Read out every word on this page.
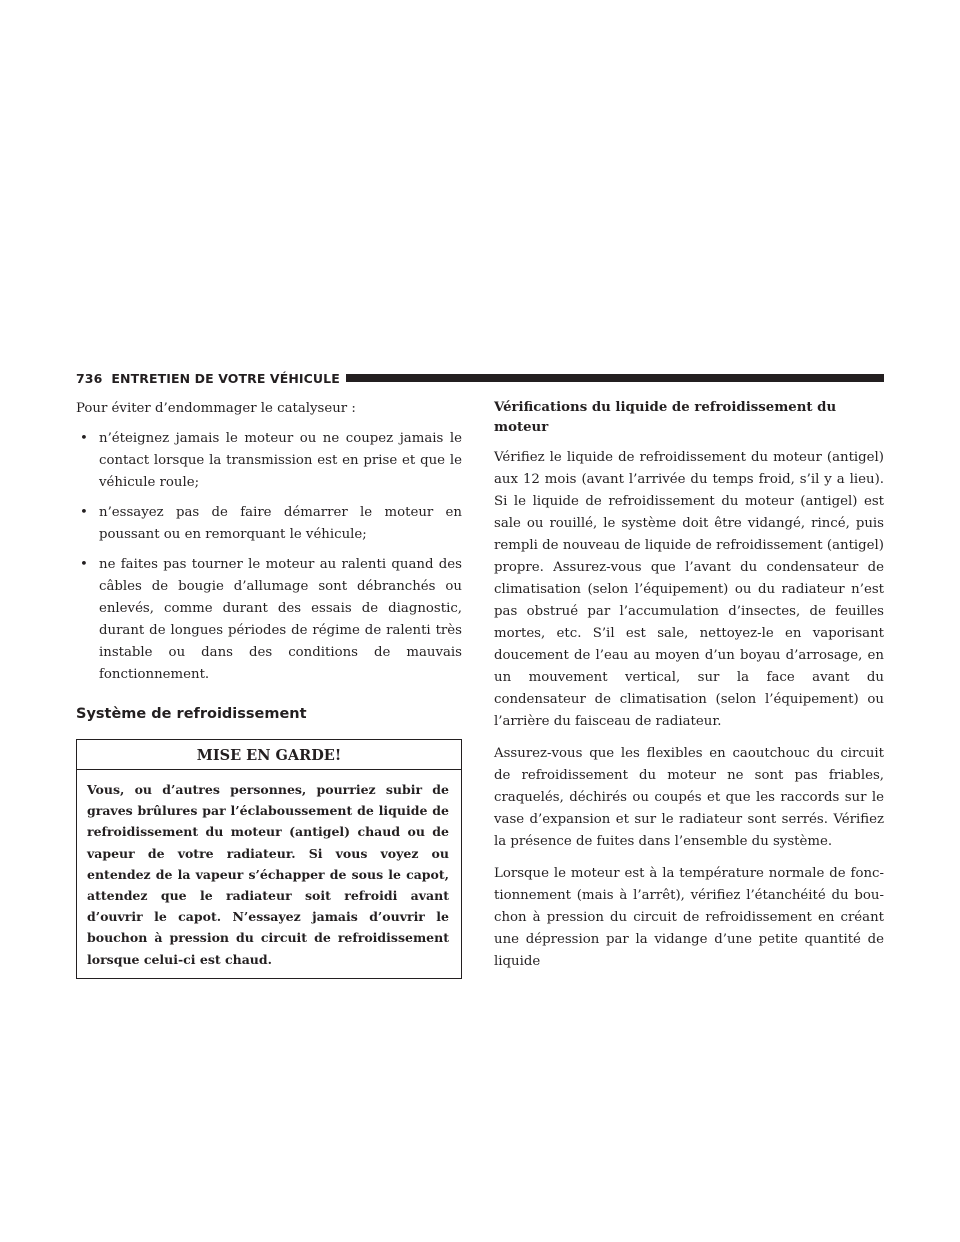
736 ENTRETIEN DE VOTRE VÉHICULE

Pour éviter d’endommager le catalyseur :

• n’éteignez jamais le moteur ou ne coupez jamais le contact lorsque la transmission est en prise et que le véhicule roule;
• n’essayez pas de faire démarrer le moteur en poussant ou en remorquant le véhicule;
• ne faites pas tourner le moteur au ralenti quand des câbles de bougie d’allumage sont débranchés ou enlevés, comme durant des essais de diagnostic, durant de longues périodes de régime de ralenti très instable ou dans des conditions de mauvais fonctionnement.
Système de refroidissement
MISE EN GARDE!
Vous, ou d’autres personnes, pourriez subir de graves brûlures par l’éclaboussement de liquide de refroidissement du moteur (antigel) chaud ou de vapeur de votre radiateur. Si vous voyez ou entendez de la vapeur s’échapper de sous le capot, attendez que le radiateur soit refroidi avant d’ouvrir le capot. N’essayez jamais d’ouvrir le bouchon à pression du circuit de refroidissement lorsque celui-ci est chaud.
Vérifications du liquide de refroidissement du moteur

Vérifiez le liquide de refroidissement du moteur (antigel) aux 12 mois (avant l’arrivée du temps froid, s’il y a lieu). Si le liquide de refroidissement du moteur (antigel) est sale ou rouillé, le système doit être vidangé, rincé, puis rempli de nouveau de liquide de refroidissement (antigel) propre. Assurez-vous que l’avant du condensateur de climatisation (selon l’équipement) ou du radiateur n’est pas obstrué par l’accumulation d’insectes, de feuilles mortes, etc. S’il est sale, nettoyez-le en vaporisant doucement de l’eau au moyen d’un boyau d’arrosage, en un mouvement vertical, sur la face avant du condensateur de climatisation (selon l’équipement) ou l’arrière du faisceau de radiateur.

Assurez-vous que les flexibles en caoutchouc du circuit de refroidissement du moteur ne sont pas friables, craquelés, déchirés ou coupés et que les raccords sur le vase d’expansion et sur le radiateur sont serrés. Vérifiez la présence de fuites dans l’ensemble du système.

Lorsque le moteur est à la température normale de fonctionnement (mais à l’arrêt), vérifiez l’étanchéité du bouchon à pression du circuit de refroidissement en créant une dépression par la vidange d’une petite quantité de liquide
